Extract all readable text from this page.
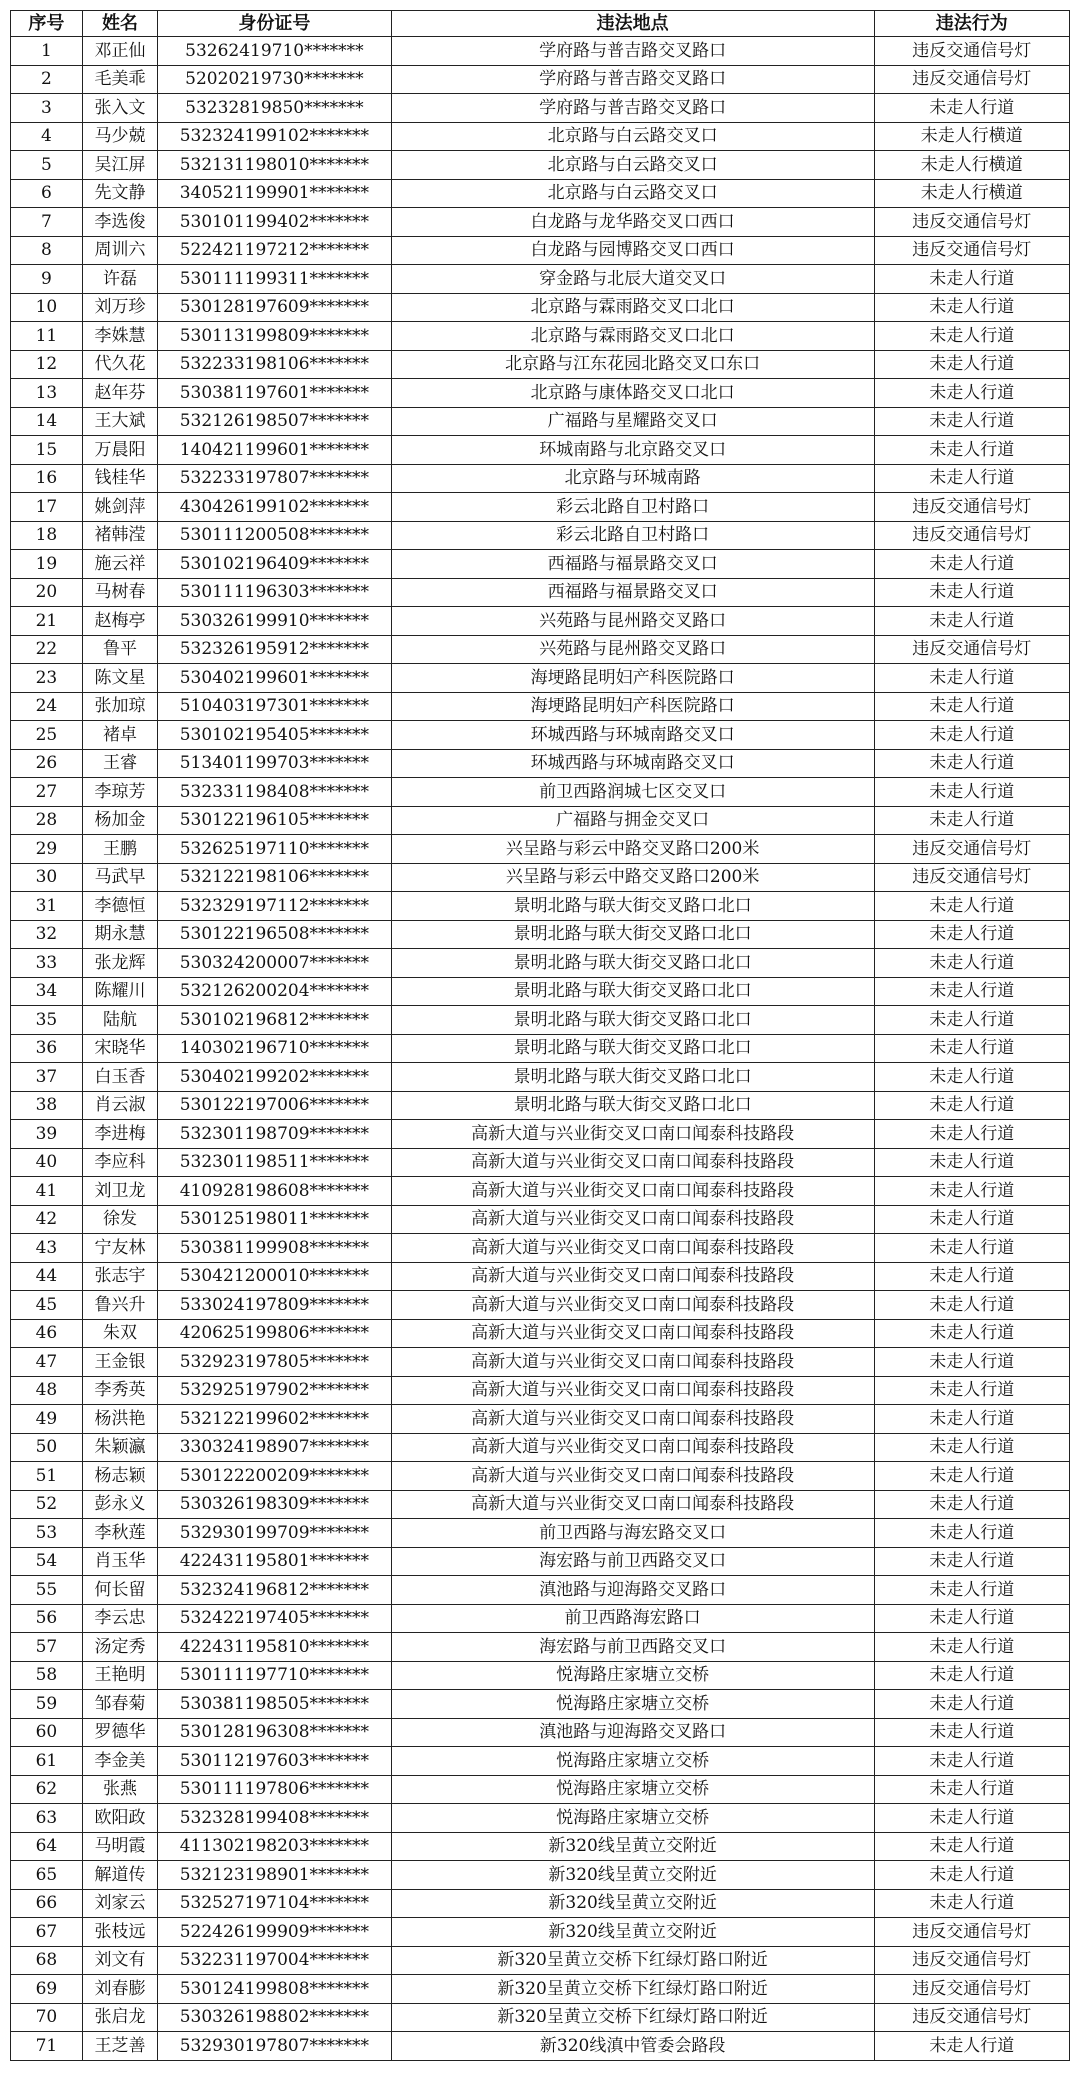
序号	姓名	身份证号	违法地点	违法行为
1	邓正仙	53262419710*******	学府路与普吉路交叉路口	违反交通信号灯
2	毛美乖	52020219730*******	学府路与普吉路交叉路口	违反交通信号灯
3	张入文	53232819850*******	学府路与普吉路交叉路口	未走人行道
4	马少兢	532324199102*******	北京路与白云路交叉口	未走人行横道
5	吴江屏	532131198010*******	北京路与白云路交叉口	未走人行横道
6	先文静	340521199901*******	北京路与白云路交叉口	未走人行横道
7	李选俊	530101199402*******	白龙路与龙华路交叉口西口	违反交通信号灯
8	周训六	522421197212*******	白龙路与园博路交叉口西口	违反交通信号灯
9	许磊	530111199311*******	穿金路与北辰大道交叉口	未走人行道
10	刘万珍	530128197609*******	北京路与霖雨路交叉口北口	未走人行道
11	李姝慧	530113199809*******	北京路与霖雨路交叉口北口	未走人行道
12	代久花	532233198106*******	北京路与江东花园北路交叉口东口	未走人行道
13	赵年芬	530381197601*******	北京路与康体路交叉口北口	未走人行道
14	王大斌	532126198507*******	广福路与星耀路交叉口	未走人行道
15	万晨阳	140421199601*******	环城南路与北京路交叉口	未走人行道
16	钱桂华	532233197807*******	北京路与环城南路	未走人行道
17	姚剑萍	430426199102*******	彩云北路自卫村路口	违反交通信号灯
18	褚韩滢	530111200508*******	彩云北路自卫村路口	违反交通信号灯
19	施云祥	530102196409*******	西福路与福景路交叉口	未走人行道
20	马树春	530111196303*******	西福路与福景路交叉口	未走人行道
21	赵梅亭	530326199910*******	兴苑路与昆州路交叉路口	未走人行道
22	鲁平	532326195912*******	兴苑路与昆州路交叉路口	违反交通信号灯
23	陈文星	530402199601*******	海埂路昆明妇产科医院路口	未走人行道
24	张加琼	510403197301*******	海埂路昆明妇产科医院路口	未走人行道
25	褚卓	530102195405*******	环城西路与环城南路交叉口	未走人行道
26	王睿	513401199703*******	环城西路与环城南路交叉口	未走人行道
27	李琼芳	532331198408*******	前卫西路润城七区交叉口	未走人行道
28	杨加金	530122196105*******	广福路与拥金交叉口	未走人行道
29	王鹏	532625197110*******	兴呈路与彩云中路交叉路口200米	违反交通信号灯
30	马武早	532122198106*******	兴呈路与彩云中路交叉路口200米	违反交通信号灯
31	李德恒	532329197112*******	景明北路与联大街交叉路口北口	未走人行道
32	期永慧	530122196508*******	景明北路与联大街交叉路口北口	未走人行道
33	张龙辉	530324200007*******	景明北路与联大街交叉路口北口	未走人行道
34	陈耀川	532126200204*******	景明北路与联大街交叉路口北口	未走人行道
35	陆航	530102196812*******	景明北路与联大街交叉路口北口	未走人行道
36	宋晓华	140302196710*******	景明北路与联大街交叉路口北口	未走人行道
37	白玉香	530402199202*******	景明北路与联大街交叉路口北口	未走人行道
38	肖云淑	530122197006*******	景明北路与联大街交叉路口北口	未走人行道
39	李进梅	532301198709*******	高新大道与兴业街交叉口南口闻泰科技路段	未走人行道
40	李应科	532301198511*******	高新大道与兴业街交叉口南口闻泰科技路段	未走人行道
41	刘卫龙	410928198608*******	高新大道与兴业街交叉口南口闻泰科技路段	未走人行道
42	徐发	530125198011*******	高新大道与兴业街交叉口南口闻泰科技路段	未走人行道
43	宁友林	530381199908*******	高新大道与兴业街交叉口南口闻泰科技路段	未走人行道
44	张志宇	530421200010*******	高新大道与兴业街交叉口南口闻泰科技路段	未走人行道
45	鲁兴升	533024197809*******	高新大道与兴业街交叉口南口闻泰科技路段	未走人行道
46	朱双	420625199806*******	高新大道与兴业街交叉口南口闻泰科技路段	未走人行道
47	王金银	532923197805*******	高新大道与兴业街交叉口南口闻泰科技路段	未走人行道
48	李秀英	532925197902*******	高新大道与兴业街交叉口南口闻泰科技路段	未走人行道
49	杨洪艳	532122199602*******	高新大道与兴业街交叉口南口闻泰科技路段	未走人行道
50	朱颖瀛	330324198907*******	高新大道与兴业街交叉口南口闻泰科技路段	未走人行道
51	杨志颖	530122200209*******	高新大道与兴业街交叉口南口闻泰科技路段	未走人行道
52	彭永义	530326198309*******	高新大道与兴业街交叉口南口闻泰科技路段	未走人行道
53	李秋莲	532930199709*******	前卫西路与海宏路交叉口	未走人行道
54	肖玉华	422431195801*******	海宏路与前卫西路交叉口	未走人行道
55	何长留	532324196812*******	滇池路与迎海路交叉路口	未走人行道
56	李云忠	532422197405*******	前卫西路海宏路口	未走人行道
57	汤定秀	422431195810*******	海宏路与前卫西路交叉口	未走人行道
58	王艳明	530111197710*******	悦海路庄家塘立交桥	未走人行道
59	邹春菊	530381198505*******	悦海路庄家塘立交桥	未走人行道
60	罗德华	530128196308*******	滇池路与迎海路交叉路口	未走人行道
61	李金美	530112197603*******	悦海路庄家塘立交桥	未走人行道
62	张燕	530111197806*******	悦海路庄家塘立交桥	未走人行道
63	欧阳政	532328199408*******	悦海路庄家塘立交桥	未走人行道
64	马明霞	411302198203*******	新320线呈黄立交附近	未走人行道
65	解道传	532123198901*******	新320线呈黄立交附近	未走人行道
66	刘家云	532527197104*******	新320线呈黄立交附近	未走人行道
67	张枝远	522426199909*******	新320线呈黄立交附近	违反交通信号灯
68	刘文有	532231197004*******	新320呈黄立交桥下红绿灯路口附近	违反交通信号灯
69	刘春膨	530124199808*******	新320呈黄立交桥下红绿灯路口附近	违反交通信号灯
70	张启龙	530326198802*******	新320呈黄立交桥下红绿灯路口附近	违反交通信号灯
71	王芝善	532930197807*******	新320线滇中管委会路段	未走人行道
